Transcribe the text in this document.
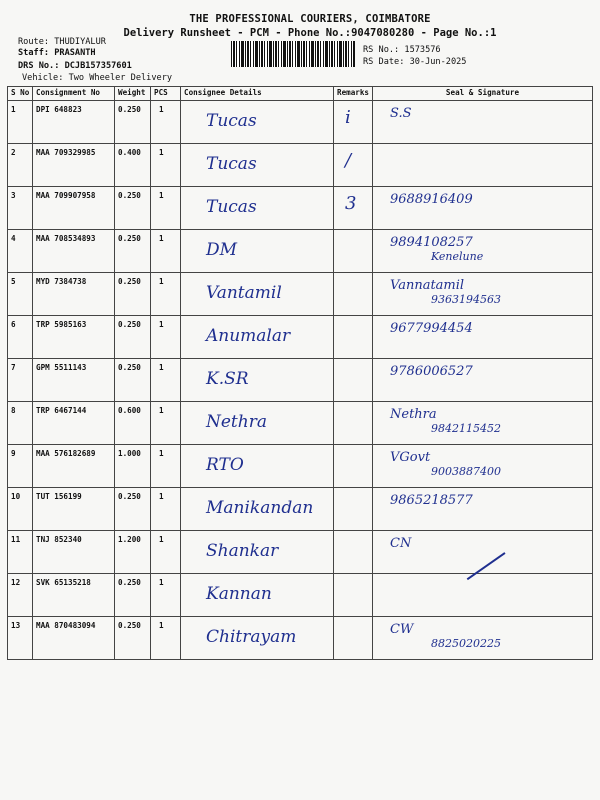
THE PROFESSIONAL COURIERS, COIMBATORE
Delivery Runsheet - PCM - Phone No.:9047080280 - Page No.:1
Route: THUDIYALUR
Staff: PRASANTH
DRS No.: DCJB157357601
Vehicle: Two Wheeler Delivery
RS No.: 1573576
RS Date: 30-Jun-2025
S No	Consignment No	Weight	PCS	Consignee Details	Remarks	Seal & Signature
1	DPI 648823	0.250	1	Tucas	i	S.S

2	MAA 709329985	0.400	1	Tucas	/	

3	MAA 709907958	0.250	1	Tucas	3	9688916409

4	MAA 708534893	0.250	1	DM		9894108257
Kenelune

5	MYD 7384738	0.250	1	Vantamil		Vannatamil
9363194563

6	TRP 5985163	0.250	1	Anumalar		9677994454

7	GPM 5511143	0.250	1	K.SR		9786006527

8	TRP 6467144	0.600	1	Nethra		Nethra
9842115452

9	MAA 576182689	1.000	1	RTO		VGovt
9003887400

10	TUT 156199	0.250	1	Manikandan		9865218577

11	TNJ 852340	1.200	1	Shankar		CN

12	SVK 65135218	0.250	1	Kannan		

13	MAA 870483094	0.250	1	Chitrayam		CW
8825020225
